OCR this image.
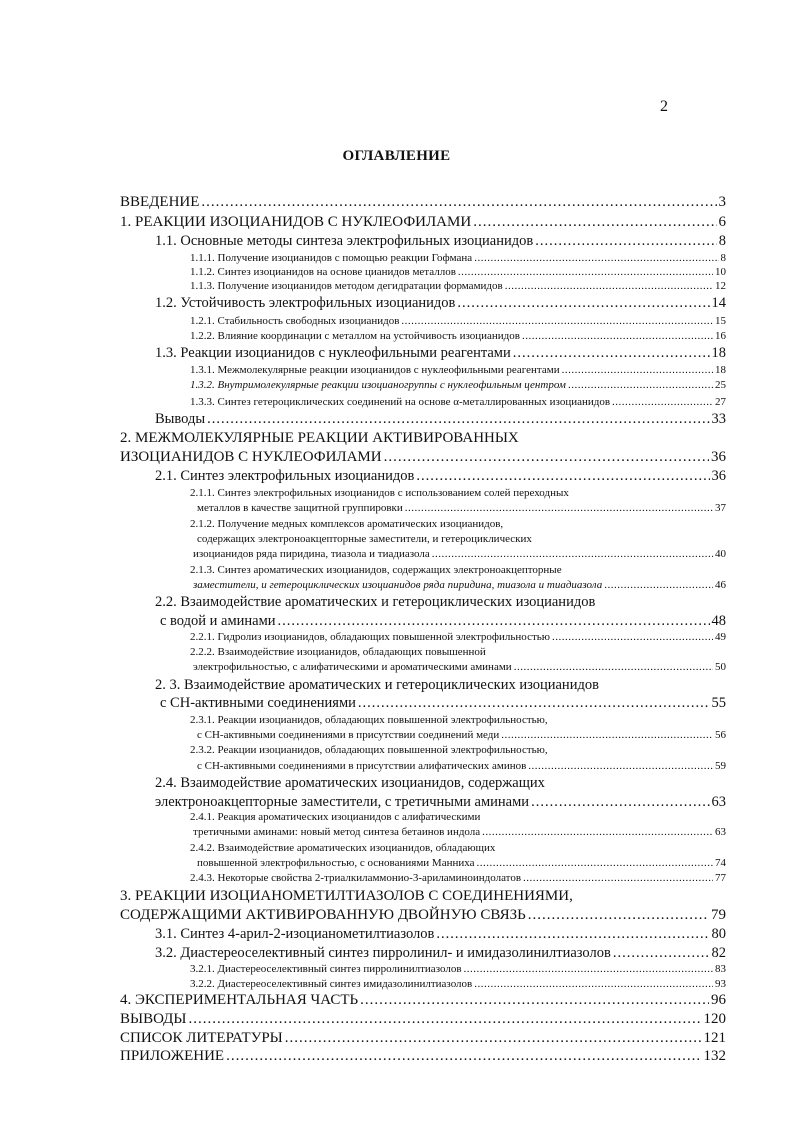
2
ОГЛАВЛЕНИЕ
ВВЕДЕНИЕ .....	3
1. РЕАКЦИИ ИЗОЦИАНИДОВ С НУКЛЕОФИЛАМИ .....	6
1.1. Основные методы синтеза электрофильных изоцианидов .....	8
1.1.1. Получение изоцианидов с помощью реакции Гофмана .....	8
1.1.2. Синтез изоцианидов на основе цианидов металлов .....	10
1.1.3. Получение изоцианидов методом дегидратации формамидов .....	12
1.2. Устойчивость электрофильных изоцианидов .....	14
1.2.1. Стабильность свободных изоцианидов .....	15
1.2.2. Влияние координации с металлом на устойчивость изоцианидов .....	16
1.3. Реакции изоцианидов с нуклеофильными реагентами .....	18
1.3.1. Межмолекулярные реакции изоцианидов с нуклеофильными реагентами .....	18
1.3.2. Внутримолекулярные реакции изоцианогруппы с нуклеофильным центром .....	25
1.3.3. Синтез гетероциклических соединений на основе α-металлированных изоцианидов .....	27
Выводы .....	33
2. МЕЖМОЛЕКУЛЯРНЫЕ РЕАКЦИИ АКТИВИРОВАННЫХ
ИЗОЦИАНИДОВ С НУКЛЕОФИЛАМИ .....	36
2.1. Синтез электрофильных изоцианидов .....	36
2.1.1. Синтез электрофильных изоцианидов с использованием солей переходных
металлов в качестве защитной группировки .....	37
2.1.2. Получение медных комплексов ароматических изоцианидов,
содержащих электроноакцепторные заместители, и гетероциклических
изоцианидов ряда пиридина, тиазола и тиадиазола .....	40
2.1.3. Синтез ароматических изоцианидов, содержащих электроноакцепторные
заместители, и гетероциклических изоцианидов ряда пиридина, тиазола и тиадиазола .....	46
2.2. Взаимодействие ароматических и гетероциклических изоцианидов
с водой и аминами .....	48
2.2.1. Гидролиз изоцианидов, обладающих повышенной электрофильностью .....	49
2.2.2. Взаимодействие изоцианидов, обладающих повышенной
электрофильностью, с алифатическими и ароматическими аминами .....	50
2. 3. Взаимодействие ароматических и гетероциклических изоцианидов
с СН-активными соединениями .....	55
2.3.1. Реакции изоцианидов, обладающих повышенной электрофильностью,
с СН-активными соединениями в присутствии соединений меди .....	56
2.3.2. Реакции изоцианидов, обладающих повышенной электрофильностью,
с СН-активными соединениями в присутствии алифатических аминов .....	59
2.4. Взаимодействие ароматических изоцианидов, содержащих
электроноакцепторные заместители, с третичными аминами .....	63
2.4.1. Реакция ароматических изоцианидов с алифатическими
третичными аминами: новый метод синтеза бетаинов индола .....	63
2.4.2. Взаимодействие ароматических изоцианидов, обладающих
повышенной электрофильностью, с основаниями Манниха .....	74
2.4.3. Некоторые свойства 2-триалкиламмонио-3-ариламиноиндолатов .....	77
3. РЕАКЦИИ ИЗОЦИАНОМЕТИЛТИАЗОЛОВ С СОЕДИНЕНИЯМИ,
СОДЕРЖАЩИМИ АКТИВИРОВАННУЮ ДВОЙНУЮ СВЯЗЬ .....	79
3.1. Синтез 4-арил-2-изоцианометилтиазолов .....	80
3.2. Диастереоселективный синтез пирролинил- и имидазолинилтиазолов .....	82
3.2.1. Диастереоселективный синтез пирролинилтиазолов .....	83
3.2.2. Диастереоселективный синтез имидазолинилтиазолов .....	93
4. ЭКСПЕРИМЕНТАЛЬНАЯ ЧАСТЬ .....	96
ВЫВОДЫ .....	120
СПИСОК ЛИТЕРАТУРЫ .....	121
ПРИЛОЖЕНИЕ .....	132
